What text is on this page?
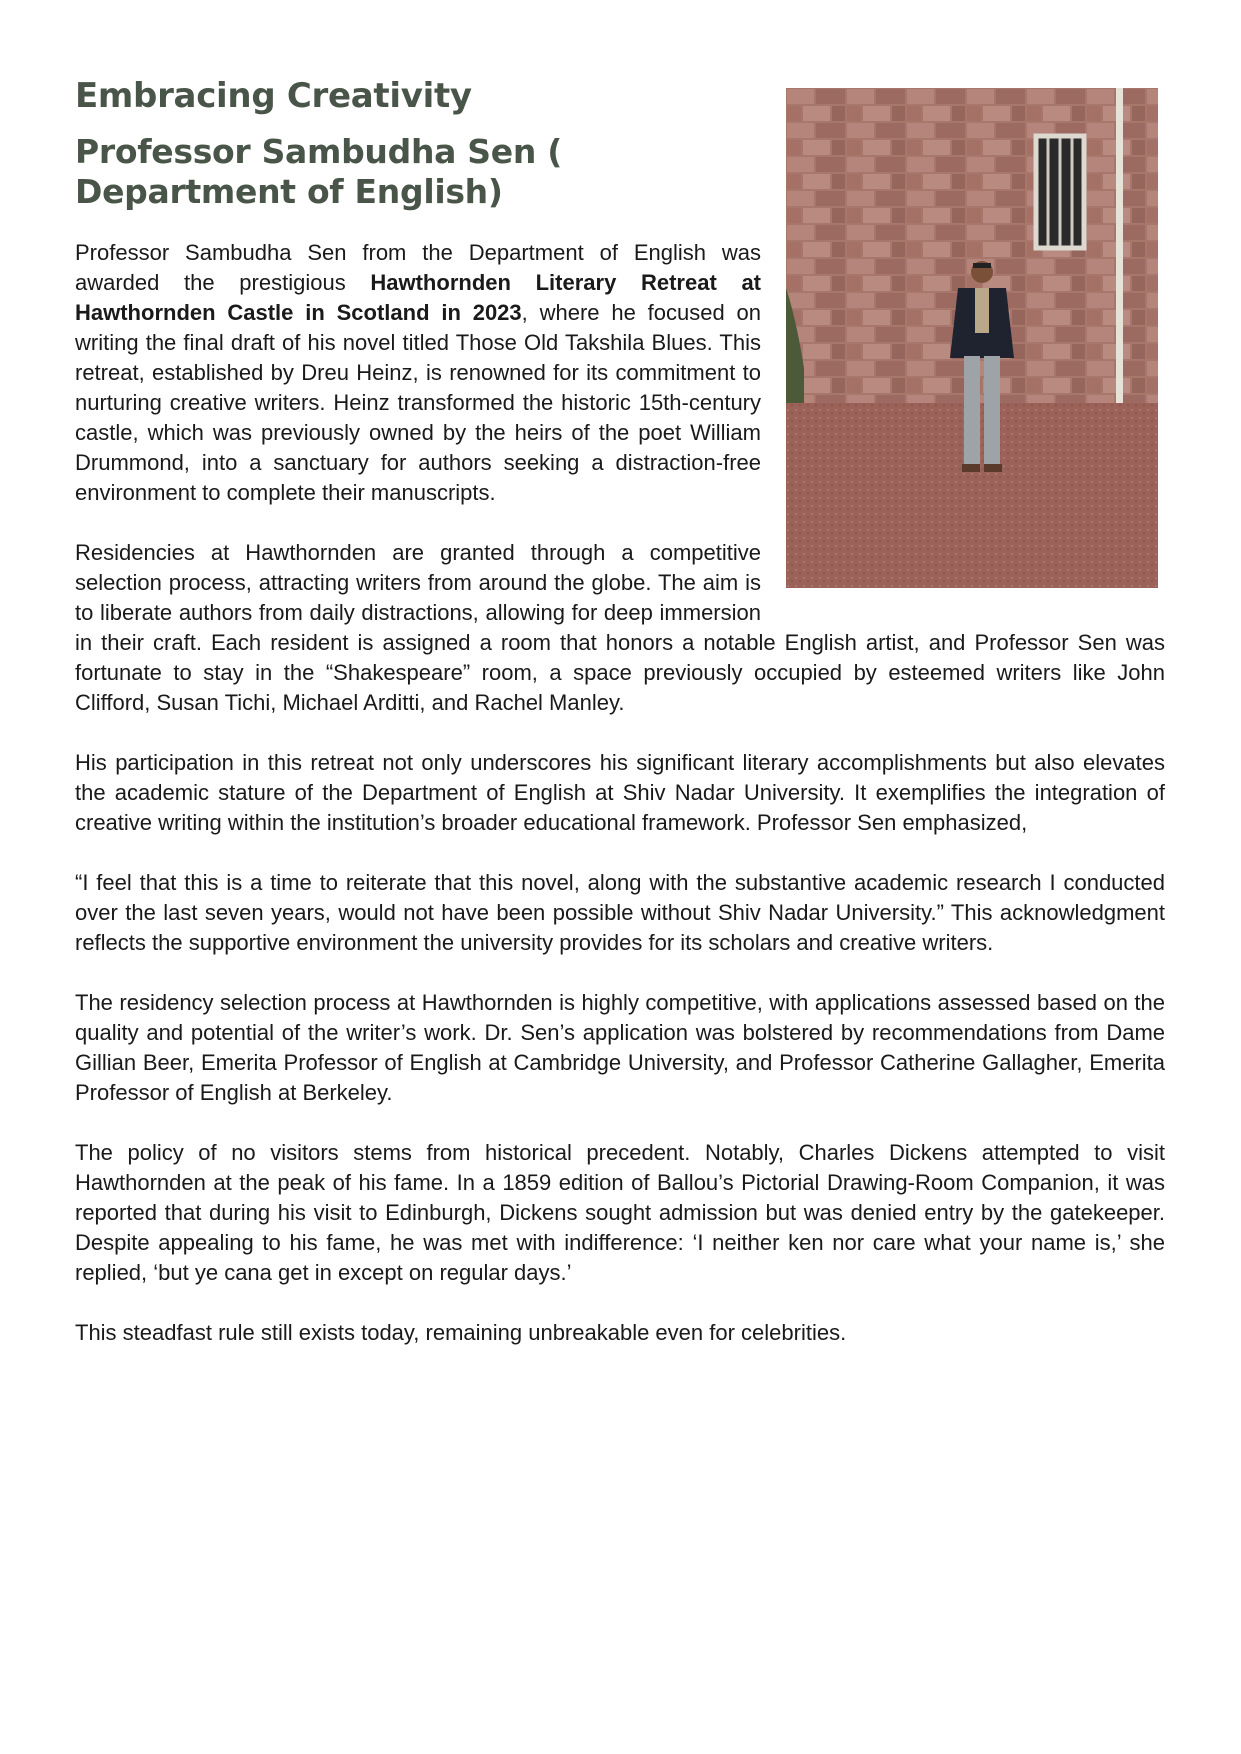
Embracing Creativity
Professor Sambudha Sen ( Department of English)

Professor Sambudha Sen from the Department of English was awarded the prestigious Hawthornden Literary Retreat at Hawthornden Castle in Scotland in 2023, where he focused on writing the final draft of his novel titled Those Old Takshila Blues. This retreat, established by Dreu Heinz, is renowned for its commitment to nurturing creative writers. Heinz transformed the historic 15th-century castle, which was previously owned by the heirs of the poet William Drummond, into a sanctuary for authors seeking a distraction-free environment to complete their manuscripts.

Residencies at Hawthornden are granted through a competitive selection process, attracting writers from around the globe. The aim is to liberate authors from daily distractions, allowing for deep immersion in their craft. Each resident is assigned a room that honors a notable English artist, and Professor Sen was fortunate to stay in the “Shakespeare” room, a space previously occupied by esteemed writers like John Clifford, Susan Tichi, Michael Arditti, and Rachel Manley.

His participation in this retreat not only underscores his significant literary accomplishments but also elevates the academic stature of the Department of English at Shiv Nadar University. It exemplifies the integration of creative writing within the institution’s broader educational framework. Professor Sen emphasized,

“I feel that this is a time to reiterate that this novel, along with the substantive academic research I conducted over the last seven years, would not have been possible without Shiv Nadar University.” This acknowledgment reflects the supportive environment the university provides for its scholars and creative writers.

The residency selection process at Hawthornden is highly competitive, with applications assessed based on the quality and potential of the writer’s work. Dr. Sen’s application was bolstered by recommendations from Dame Gillian Beer, Emerita Professor of English at Cambridge University, and Professor Catherine Gallagher, Emerita Professor of English at Berkeley.

The policy of no visitors stems from historical precedent. Notably, Charles Dickens attempted to visit Hawthornden at the peak of his fame. In a 1859 edition of Ballou’s Pictorial Drawing-Room Companion, it was reported that during his visit to Edinburgh, Dickens sought admission but was denied entry by the gatekeeper. Despite appealing to his fame, he was met with indifference: ‘I neither ken nor care what your name is,’ she replied, ‘but ye cana get in except on regular days.’

This steadfast rule still exists today, remaining unbreakable even for celebrities.
